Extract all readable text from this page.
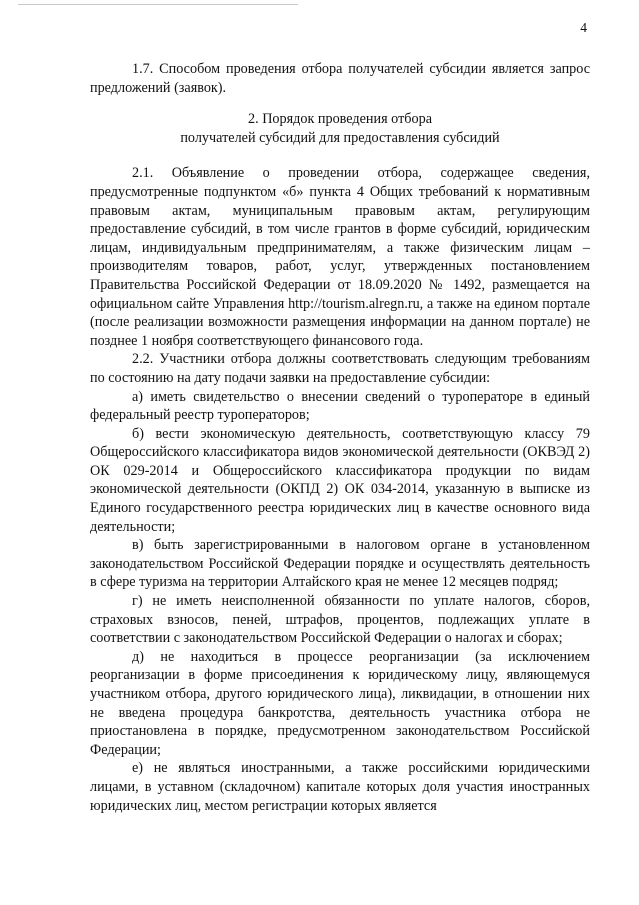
4

1.7. Способом проведения отбора получателей субсидии является запрос предложений (заявок).

2. Порядок проведения отбора
получателей субсидий для предоставления субсидий

2.1. Объявление о проведении отбора, содержащее сведения, предусмотренные подпунктом «б» пункта 4 Общих требований к нормативным правовым актам, муниципальным правовым актам, регулирующим предоставление субсидий, в том числе грантов в форме субсидий, юридическим лицам, индивидуальным предпринимателям, а также физическим лицам – производителям товаров, работ, услуг, утвержденных постановлением Правительства Российской Федерации от 18.09.2020 № 1492, размещается на официальном сайте Управления http://tourism.alregn.ru, а также на едином портале (после реализации возможности размещения информации на данном портале) не позднее 1 ноября соответствующего финансового года.

2.2. Участники отбора должны соответствовать следующим требованиям по состоянию на дату подачи заявки на предоставление субсидии:

а) иметь свидетельство о внесении сведений о туроператоре в единый федеральный реестр туроператоров;

б) вести экономическую деятельность, соответствующую классу 79 Общероссийского классификатора видов экономической деятельности (ОКВЭД 2) ОК 029-2014 и Общероссийского классификатора продукции по видам экономической деятельности (ОКПД 2) ОК 034-2014, указанную в выписке из Единого государственного реестра юридических лиц в качестве основного вида деятельности;

в) быть зарегистрированными в налоговом органе в установленном законодательством Российской Федерации порядке и осуществлять деятельность в сфере туризма на территории Алтайского края не менее 12 месяцев подряд;

г) не иметь неисполненной обязанности по уплате налогов, сборов, страховых взносов, пеней, штрафов, процентов, подлежащих уплате в соответствии с законодательством Российской Федерации о налогах и сборах;

д) не находиться в процессе реорганизации (за исключением реорганизации в форме присоединения к юридическому лицу, являющемуся участником отбора, другого юридического лица), ликвидации, в отношении них не введена процедура банкротства, деятельность участника отбора не приостановлена в порядке, предусмотренном законодательством Российской Федерации;

е) не являться иностранными, а также российскими юридическими лицами, в уставном (складочном) капитале которых доля участия иностранных юридических лиц, местом регистрации которых является
